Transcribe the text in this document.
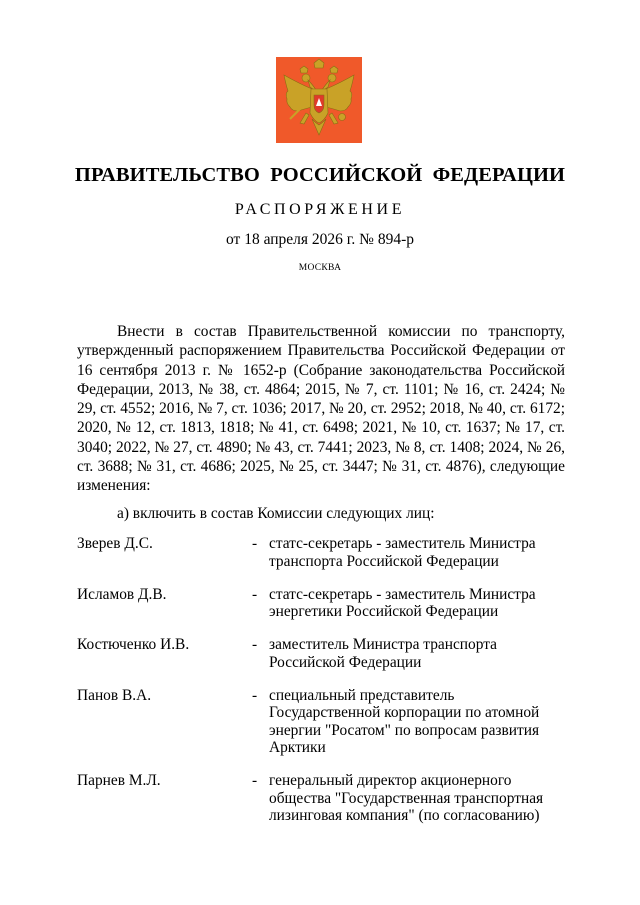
ПРАВИТЕЛЬСТВО РОССИЙСКОЙ ФЕДЕРАЦИИ
РАСПОРЯЖЕНИЕ
от 18 апреля 2026 г. № 894-р
МОСКВА

Внести в состав Правительственной комиссии по транспорту, утвержденный распоряжением Правительства Российской Федерации от 16 сентября 2013 г. № 1652-р (Собрание законодательства Российской Федерации, 2013, № 38, ст. 4864; 2015, № 7, ст. 1101; № 16, ст. 2424; № 29, ст. 4552; 2016, № 7, ст. 1036; 2017, № 20, ст. 2952; 2018, № 40, ст. 6172; 2020, № 12, ст. 1813, 1818; № 41, ст. 6498; 2021, № 10, ст. 1637; № 17, ст. 3040; 2022, № 27, ст. 4890; № 43, ст. 7441; 2023, № 8, ст. 1408; 2024, № 26, ст. 3688; № 31, ст. 4686; 2025, № 25, ст. 3447; № 31, ст. 4876), следующие изменения:

а) включить в состав Комиссии следующих лиц:
Зверев Д.С.	- статс-секретарь - заместитель Министра транспорта Российской Федерации
Исламов Д.В.	- статс-секретарь - заместитель Министра энергетики Российской Федерации
Костюченко И.В.	- заместитель Министра транспорта Российской Федерации
Панов В.А.	- специальный представитель Государственной корпорации по атомной энергии "Росатом" по вопросам развития Арктики
Парнев М.Л.	- генеральный директор акционерного общества "Государственная транспортная лизинговая компания" (по согласованию)
